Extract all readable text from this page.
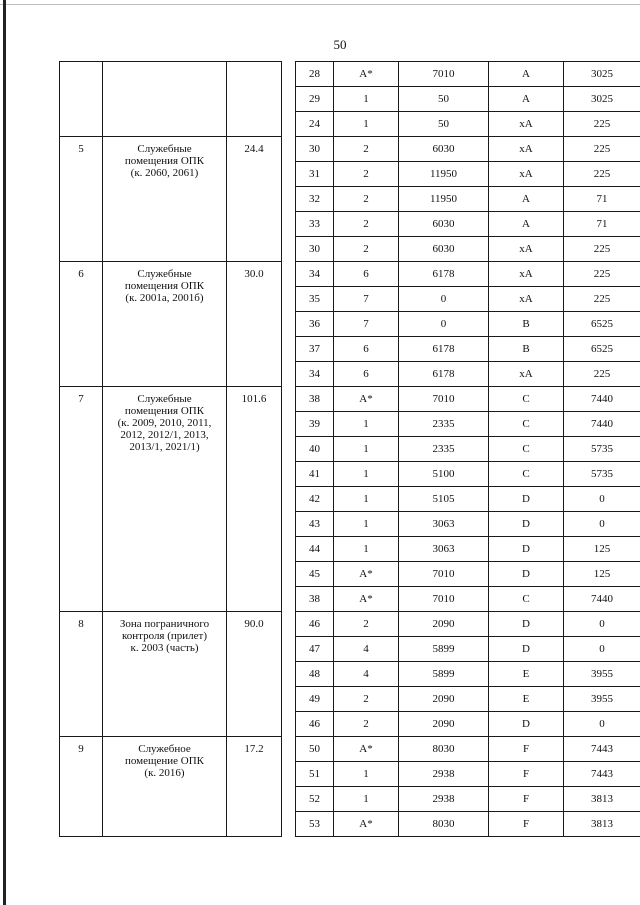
50
				28	A*	7010	A	3025
				29	1	50	A	3025
				24	1	50	xA	225
5	Служебные
помещения ОПК
(к. 2060, 2061)	24.4		30	2	6030	xA	225
				31	2	11950	xA	225
				32	2	11950	A	71
				33	2	6030	A	71
				30	2	6030	xA	225
6	Служебные
помещения ОПК
(к. 2001а, 2001б)	30.0		34	6	6178	xA	225
				35	7	0	xA	225
				36	7	0	B	6525
				37	6	6178	B	6525
				34	6	6178	xA	225
7	Служебные
помещения ОПК
(к. 2009, 2010, 2011,
2012, 2012/1, 2013,
2013/1, 2021/1)	101.6		38	A*	7010	C	7440
				39	1	2335	C	7440
				40	1	2335	C	5735
				41	1	5100	C	5735
				42	1	5105	D	0
				43	1	3063	D	0
				44	1	3063	D	125
				45	A*	7010	D	125
				38	A*	7010	C	7440
8	Зона пограничного
контроля (прилет)
к. 2003 (часть)	90.0		46	2	2090	D	0
				47	4	5899	D	0
				48	4	5899	E	3955
				49	2	2090	E	3955
				46	2	2090	D	0
9	Служебное
помещение ОПК
(к. 2016)	17.2		50	A*	8030	F	7443
				51	1	2938	F	7443
				52	1	2938	F	3813
				53	A*	8030	F	3813
